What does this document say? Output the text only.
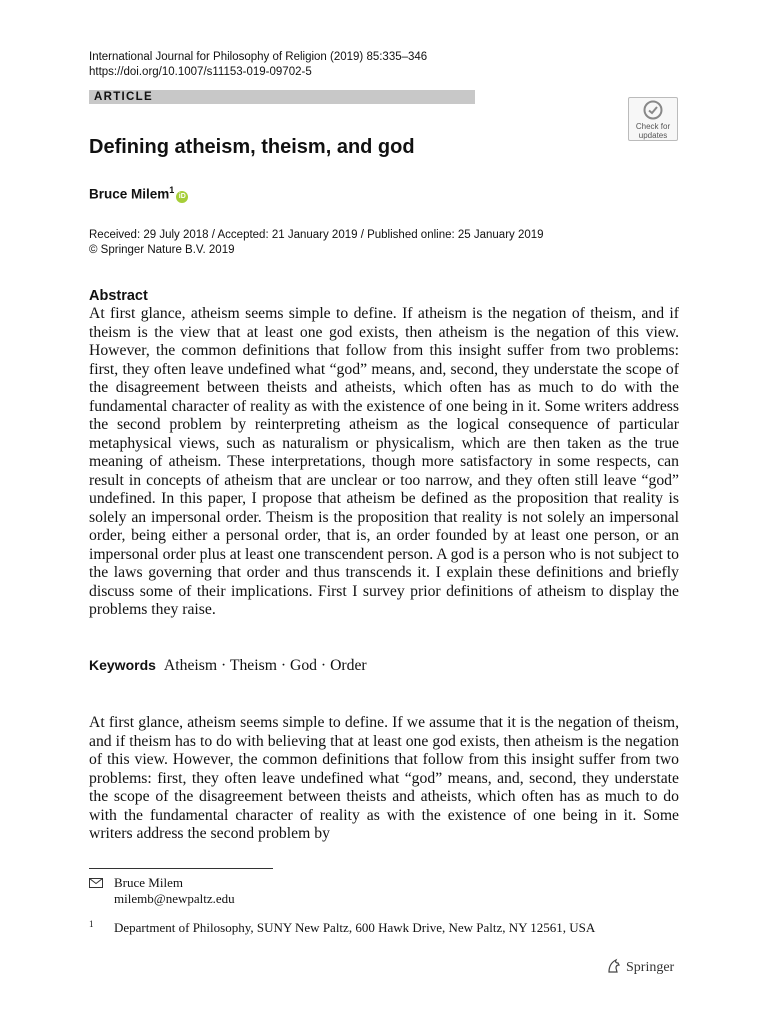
International Journal for Philosophy of Religion (2019) 85:335–346
https://doi.org/10.1007/s11153-019-09702-5
ARTICLE
Check for updates
Defining atheism, theism, and god
Bruce Milem$^1$iD
Received: 29 July 2018 / Accepted: 21 January 2019 / Published online: 25 January 2019
© Springer Nature B.V. 2019
Abstract

At first glance, atheism seems simple to define. If atheism is the negation of theism, and if theism is the view that at least one god exists, then atheism is the negation of this view. However, the common definitions that follow from this insight suffer from two problems: first, they often leave undefined what “god” means, and, second, they understate the scope of the disagreement between theists and atheists, which often has as much to do with the fundamental character of reality as with the existence of one being in it. Some writers address the second problem by reinterpreting atheism as the logical consequence of particular metaphysical views, such as naturalism or physicalism, which are then taken as the true meaning of atheism. These interpretations, though more satisfactory in some respects, can result in concepts of atheism that are unclear or too narrow, and they often still leave “god” undefined. In this paper, I propose that atheism be defined as the proposition that reality is solely an impersonal order. Theism is the proposition that reality is not solely an impersonal order, being either a personal order, that is, an order founded by at least one person, or an impersonal order plus at least one transcendent person. A god is a person who is not subject to the laws governing that order and thus transcends it. I explain these definitions and briefly discuss some of their implications. First I survey prior definitions of atheism to display the problems they raise.

Keywords Atheism · Theism · God · Order

At first glance, atheism seems simple to define. If we assume that it is the negation of theism, and if theism has to do with believing that at least one god exists, then atheism is the negation of this view. However, the common definitions that follow from this insight suffer from two problems: first, they often leave undefined what “god” means, and, second, they understate the scope of the disagreement between theists and atheists, which often has as much to do with the fundamental character of reality as with the existence of one being in it. Some writers address the second problem by

Bruce Milem
milemb@newpaltz.edu
1 Department of Philosophy, SUNY New Paltz, 600 Hawk Drive, New Paltz, NY 12561, USA
Springer
